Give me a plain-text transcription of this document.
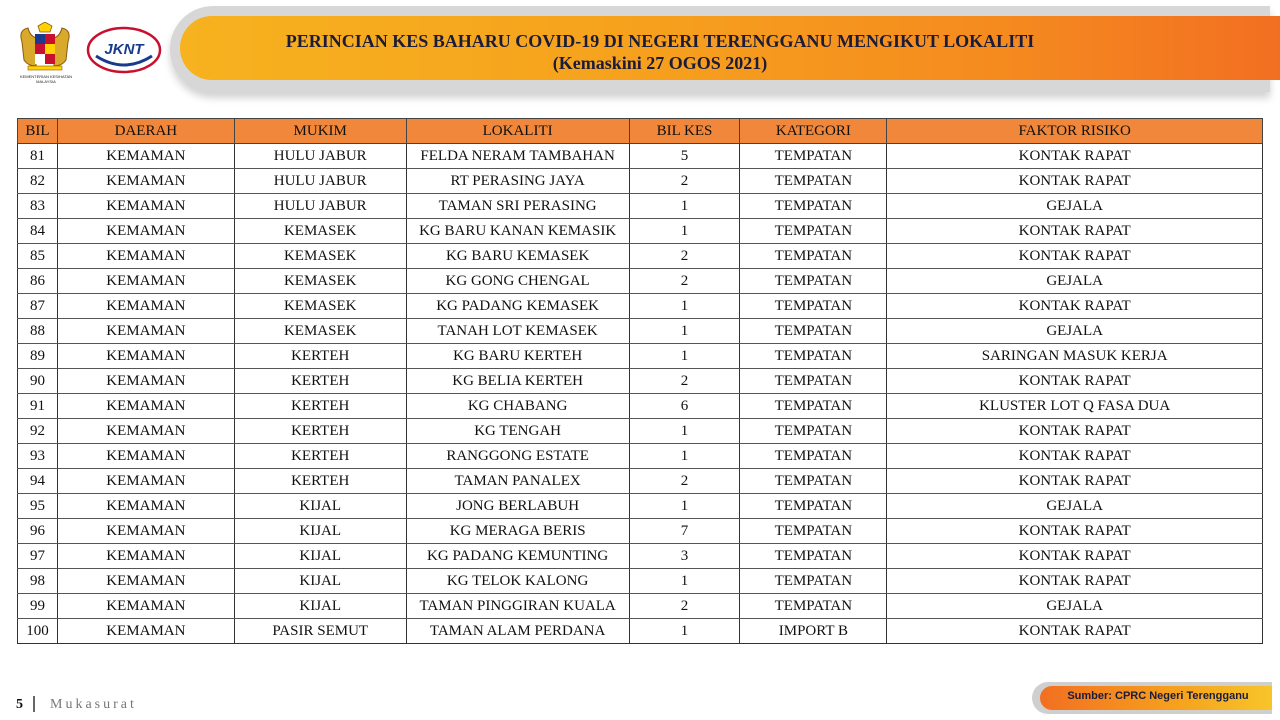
KEMENTERIAN KESIHATAN MALAYSIA
JKNT	PERINCIAN KES BAHARU COVID-19 DI NEGERI TERENGGANU MENGIKUT LOKALITI
(Kemaskini 27 OGOS 2021)
BIL	DAERAH	MUKIM	LOKALITI	BIL KES	KATEGORI	FAKTOR RISIKO
81	KEMAMAN	HULU JABUR	FELDA NERAM TAMBAHAN	5	TEMPATAN	KONTAK RAPAT
82	KEMAMAN	HULU JABUR	RT PERASING JAYA	2	TEMPATAN	KONTAK RAPAT
83	KEMAMAN	HULU JABUR	TAMAN SRI PERASING	1	TEMPATAN	GEJALA
84	KEMAMAN	KEMASEK	KG BARU KANAN KEMASIK	1	TEMPATAN	KONTAK RAPAT
85	KEMAMAN	KEMASEK	KG BARU KEMASEK	2	TEMPATAN	KONTAK RAPAT
86	KEMAMAN	KEMASEK	KG GONG CHENGAL	2	TEMPATAN	GEJALA
87	KEMAMAN	KEMASEK	KG PADANG KEMASEK	1	TEMPATAN	KONTAK RAPAT
88	KEMAMAN	KEMASEK	TANAH LOT KEMASEK	1	TEMPATAN	GEJALA
89	KEMAMAN	KERTEH	KG BARU KERTEH	1	TEMPATAN	SARINGAN MASUK KERJA
90	KEMAMAN	KERTEH	KG BELIA KERTEH	2	TEMPATAN	KONTAK RAPAT
91	KEMAMAN	KERTEH	KG CHABANG	6	TEMPATAN	KLUSTER LOT Q FASA DUA
92	KEMAMAN	KERTEH	KG TENGAH	1	TEMPATAN	KONTAK RAPAT
93	KEMAMAN	KERTEH	RANGGONG ESTATE	1	TEMPATAN	KONTAK RAPAT
94	KEMAMAN	KERTEH	TAMAN PANALEX	2	TEMPATAN	KONTAK RAPAT
95	KEMAMAN	KIJAL	JONG BERLABUH	1	TEMPATAN	GEJALA
96	KEMAMAN	KIJAL	KG MERAGA BERIS	7	TEMPATAN	KONTAK RAPAT
97	KEMAMAN	KIJAL	KG PADANG KEMUNTING	3	TEMPATAN	KONTAK RAPAT
98	KEMAMAN	KIJAL	KG TELOK KALONG	1	TEMPATAN	KONTAK RAPAT
99	KEMAMAN	KIJAL	TAMAN PINGGIRAN KUALA	2	TEMPATAN	GEJALA
100	KEMAMAN	PASIR SEMUT	TAMAN ALAM PERDANA	1	IMPORT B	KONTAK RAPAT
5 Mukasurat
Sumber: CPRC Negeri Terengganu
